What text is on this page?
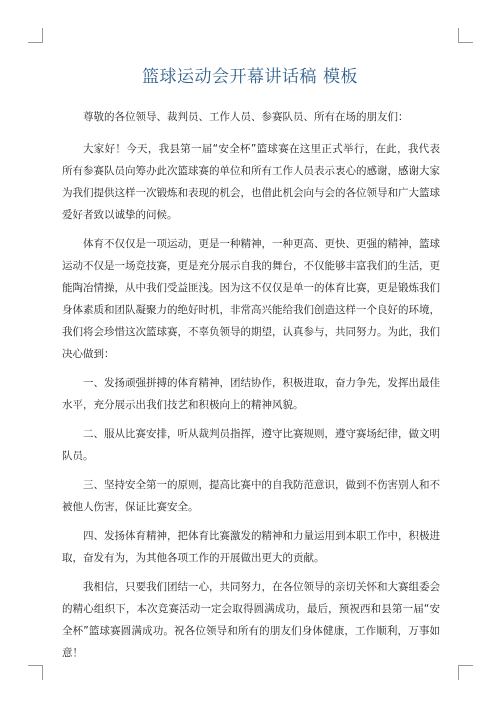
篮球运动会开幕讲话稿 模板

尊敬的各位领导、裁判员、工作人员、参赛队员、所有在场的朋友们：

大家好！今天，我县第一届“安全杯”篮球赛在这里正式举行，在此，我代表所有参赛队员向筹办此次篮球赛的单位和所有工作人员表示衷心的感谢，感谢大家为我们提供这样一次锻炼和表现的机会，也借此机会向与会的各位领导和广大篮球爱好者致以诚挚的问候。

体育不仅仅是一项运动，更是一种精神，一种更高、更快、更强的精神，篮球运动不仅是一场竞技赛，更是充分展示自我的舞台，不仅能够丰富我们的生活，更能陶冶情操，从中我们受益匪浅。因为这不仅仅是单一的体育比赛，更是锻炼我们身体素质和团队凝聚力的绝好时机，非常高兴能给我们创造这样一个良好的环境，我们将会珍惜这次篮球赛，不辜负领导的期望，认真参与，共同努力。为此，我们决心做到：

一、发扬顽强拼搏的体育精神，团结协作，积极进取，奋力争先，发挥出最佳水平，充分展示出我们技艺和积极向上的精神风貌。

二、服从比赛安排，听从裁判员指挥，遵守比赛规则，遵守赛场纪律，做文明队员。

三、坚持安全第一的原则，提高比赛中的自我防范意识，做到不伤害别人和不被他人伤害，保证比赛安全。

四、发扬体育精神，把体育比赛激发的精神和力量运用到本职工作中，积极进取，奋发有为，为其他各项工作的开展做出更大的贡献。

我相信，只要我们团结一心，共同努力，在各位领导的亲切关怀和大赛组委会的精心组织下，本次竞赛活动一定会取得圆满成功，最后，预祝西和县第一届“安全杯”篮球赛圆满成功。祝各位领导和所有的朋友们身体健康，工作顺利，万事如意！
